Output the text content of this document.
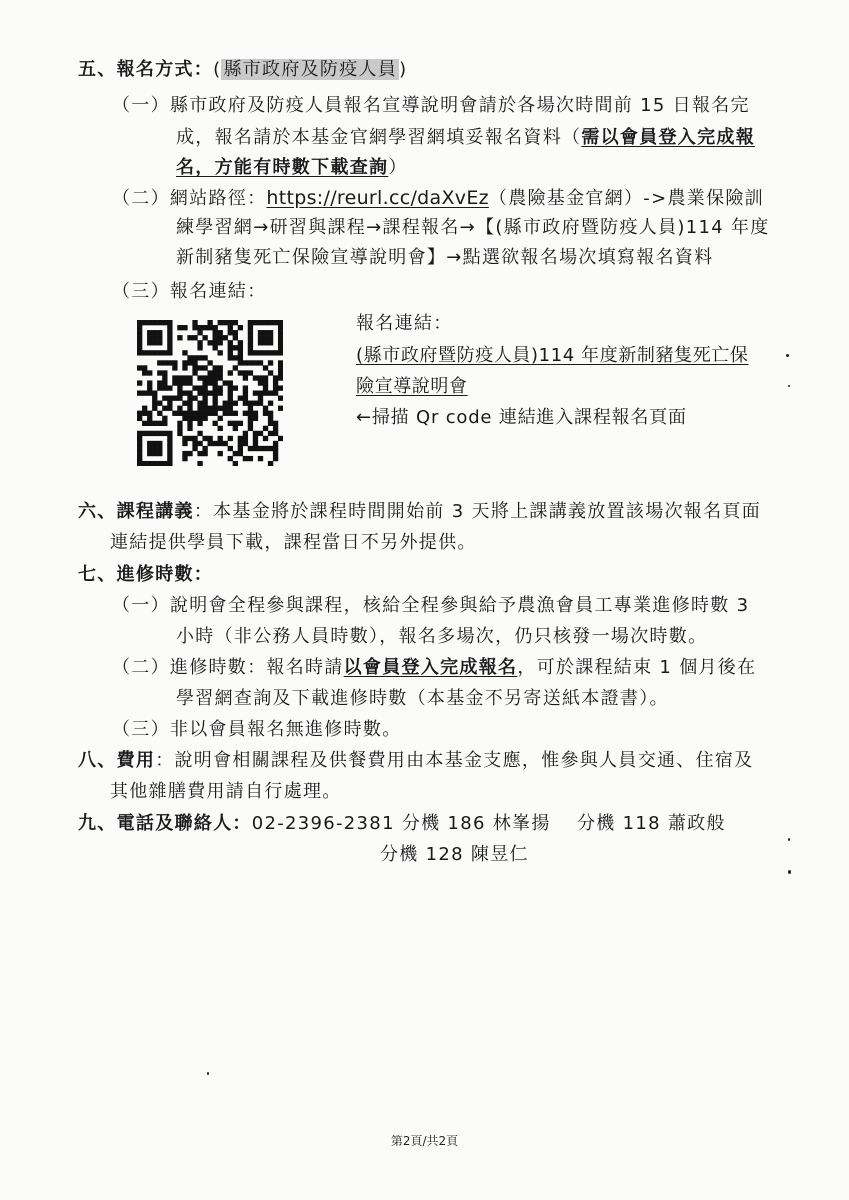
五、報名方式：( 縣市政府及防疫人員 )
（一）縣市政府及防疫人員報名宣導說明會請於各場次時間前 15 日報名完
成，報名請於本基金官網學習網填妥報名資料（需以會員登入完成報
名，方能有時數下載查詢）
（二）網站路徑：https://reurl.cc/daXvEz（農險基金官網）->農業保險訓
練學習網→研習與課程→課程報名→【(縣市政府暨防疫人員)114 年度
新制豬隻死亡保險宣導說明會】→點選欲報名場次填寫報名資料
（三）報名連結：
報名連結：
(縣市政府暨防疫人員)114 年度新制豬隻死亡保
險宣導說明會
←掃描 Qr code 連結進入課程報名頁面
六、課程講義：本基金將於課程時間開始前 3 天將上課講義放置該場次報名頁面
連結提供學員下載，課程當日不另外提供。
七、進修時數：
（一）說明會全程參與課程，核給全程參與給予農漁會員工專業進修時數 3
小時（非公務人員時數），報名多場次，仍只核發一場次時數。
（二）進修時數：報名時請以會員登入完成報名，可於課程結束 1 個月後在
學習網查詢及下載進修時數（本基金不另寄送紙本證書）。
（三）非以會員報名無進修時數。
八、費用：說明會相關課程及供餐費用由本基金支應，惟參與人員交通、住宿及
其他雜膳費用請自行處理。
九、電話及聯絡人：02-2396-2381 分機 186 林峯揚　 分機 118 蕭政般
分機 128 陳昱仁
第2頁/共2頁
